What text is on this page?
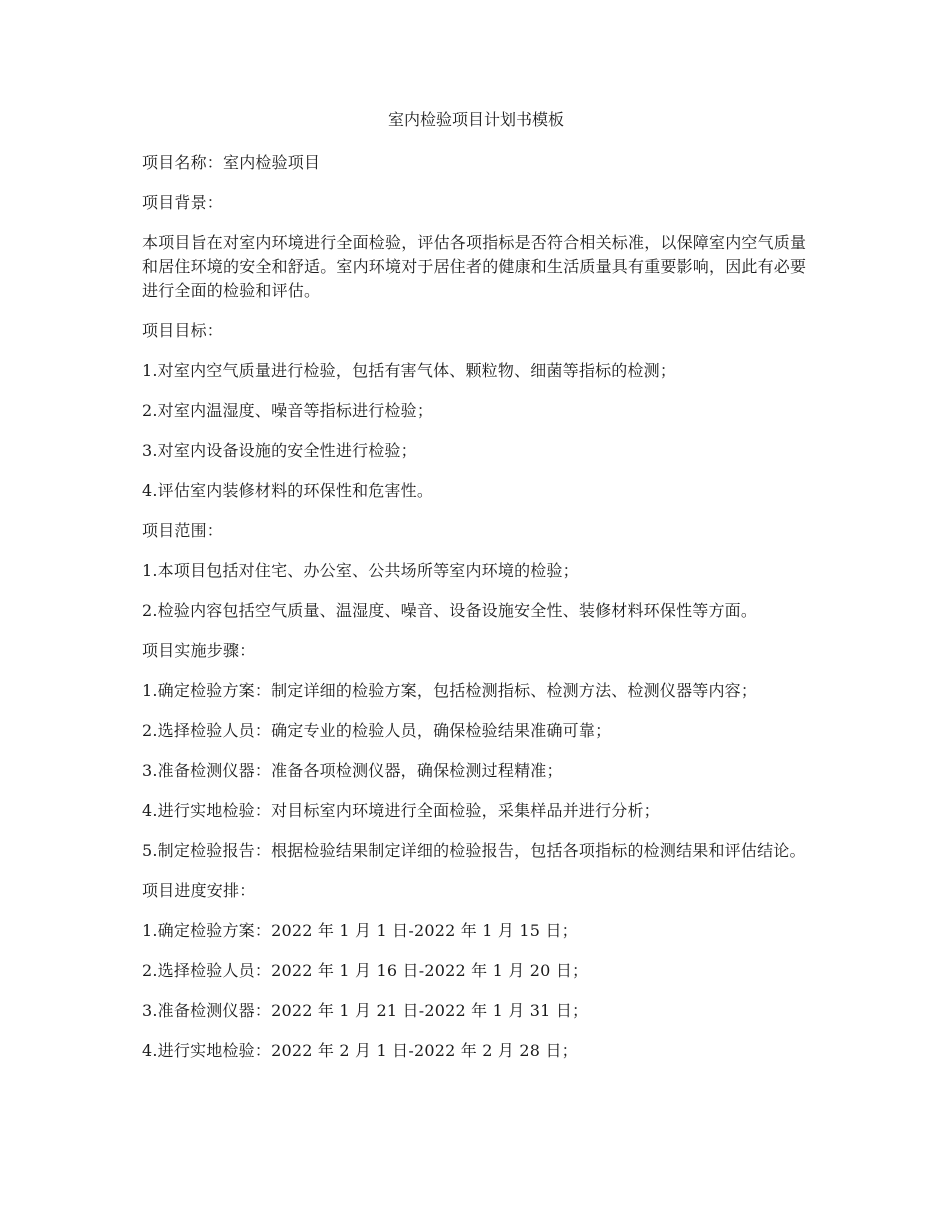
室内检验项目计划书模板

项目名称：室内检验项目

项目背景：

本项目旨在对室内环境进行全面检验，评估各项指标是否符合相关标准，以保障室内空气质量和居住环境的安全和舒适。室内环境对于居住者的健康和生活质量具有重要影响，因此有必要进行全面的检验和评估。

项目目标：

1.对室内空气质量进行检验，包括有害气体、颗粒物、细菌等指标的检测；

2.对室内温湿度、噪音等指标进行检验；

3.对室内设备设施的安全性进行检验；

4.评估室内装修材料的环保性和危害性。

项目范围：

1.本项目包括对住宅、办公室、公共场所等室内环境的检验；

2.检验内容包括空气质量、温湿度、噪音、设备设施安全性、装修材料环保性等方面。

项目实施步骤：

1.确定检验方案：制定详细的检验方案，包括检测指标、检测方法、检测仪器等内容；

2.选择检验人员：确定专业的检验人员，确保检验结果准确可靠；

3.准备检测仪器：准备各项检测仪器，确保检测过程精准；

4.进行实地检验：对目标室内环境进行全面检验，采集样品并进行分析；

5.制定检验报告：根据检验结果制定详细的检验报告，包括各项指标的检测结果和评估结论。

项目进度安排：

1.确定检验方案：2022 年 1 月 1 日-2022 年 1 月 15 日；

2.选择检验人员：2022 年 1 月 16 日-2022 年 1 月 20 日；

3.准备检测仪器：2022 年 1 月 21 日-2022 年 1 月 31 日；

4.进行实地检验：2022 年 2 月 1 日-2022 年 2 月 28 日；
